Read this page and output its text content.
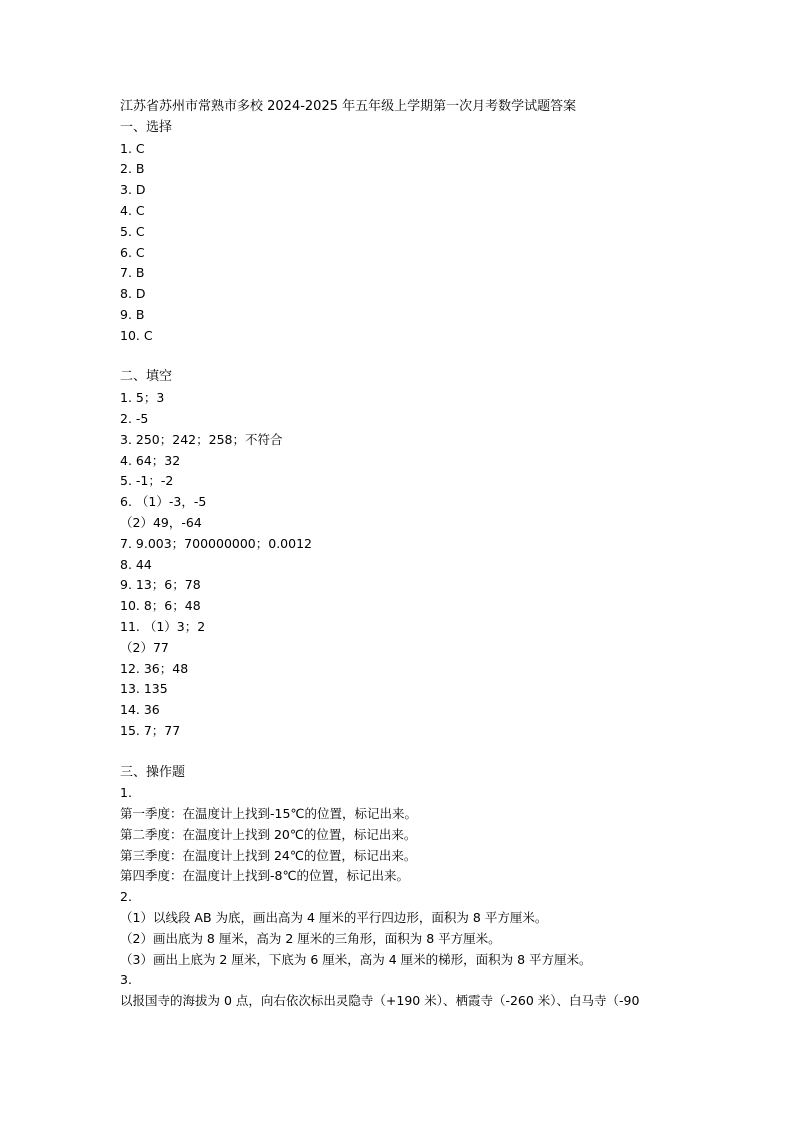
江苏省苏州市常熟市多校 2024-2025 年五年级上学期第一次月考数学试题答案
一、选择
1. C
2. B
3. D
4. C
5. C
6. C
7. B
8. D
9. B
10. C
二、填空
1. 5；3
2. -5
3. 250；242；258；不符合
4. 64；32
5. -1；-2
6. （1）-3，-5
（2）49，-64
7. 9.003；700000000；0.0012
8. 44
9. 13；6；78
10. 8；6；48
11. （1）3；2
（2）77
12. 36；48
13. 135
14. 36
15. 7；77
三、操作题
1.
第一季度：在温度计上找到-15℃的位置，标记出来。
第二季度：在温度计上找到 20℃的位置，标记出来。
第三季度：在温度计上找到 24℃的位置，标记出来。
第四季度：在温度计上找到-8℃的位置，标记出来。
2.
（1）以线段 AB 为底，画出高为 4 厘米的平行四边形，面积为 8 平方厘米。
（2）画出底为 8 厘米，高为 2 厘米的三角形，面积为 8 平方厘米。
（3）画出上底为 2 厘米，下底为 6 厘米，高为 4 厘米的梯形，面积为 8 平方厘米。
3.
以报国寺的海拔为 0 点，向右依次标出灵隐寺（+190 米）、栖霞寺（-260 米）、白马寺（-90
